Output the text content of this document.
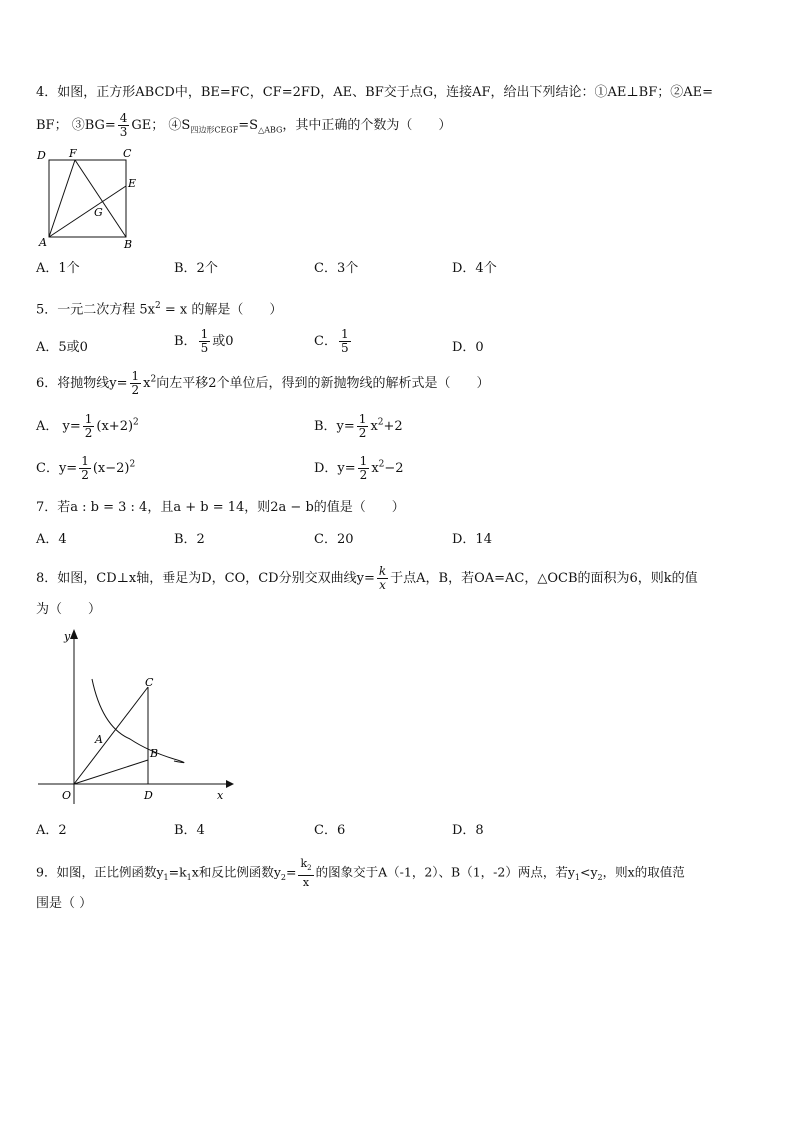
4．如图，正方形ABCD中，BE=FC，CF=2FD，AE、BF交于点G，连接AF，给出下列结论：①AE⊥BF；②AE=
BF； ③BG= $\frac{4}{3}$ GE； $④S_{四边形CEGF}=S_{\triangle ABG}$，其中正确的个数为（　　）
D F	C
E
G
A	B
A．1个	B．2个	C．3个	D．4个
5．一元二次方程 $5x^2 = x$ 的解是（　　）
A．5或0	B． $\frac{1}{5}$ 或0	C． $\frac{1}{5}$	D．0
6．将抛物线$y= \frac{1}{2} x^2$向左平移2个单位后，得到的新抛物线的解析式是（　　）
A． $y= \frac{1}{2} (x+2)^2$	B．$y= \frac{1}{2} x^2+2$
C．$y= \frac{1}{2} (x-2)^2$	D．$y= \frac{1}{2} x^2-2$
7．若a : b = 3 : 4，且a + b = 14，则2a − b的值是（　　）
A．4	B．2	C．20	D．14
8．如图，CD⊥x轴，垂足为D，CO，CD分别交双曲线$y= \frac{k}{x}$ 于点A，B，若OA=AC，△OCB的面积为6，则k的值
为（　　）
y
x
C
A
B
O	D
A．2	B．4	C．6	D．8
9．如图，正比例函数$y_1=k_1x$和反比例函数$y_2= \frac{k_2}{x}$ 的图象交于A（-1，2）、B（1，-2）两点，若$y_1<y_2$，则x的取值范
围是（ ）
